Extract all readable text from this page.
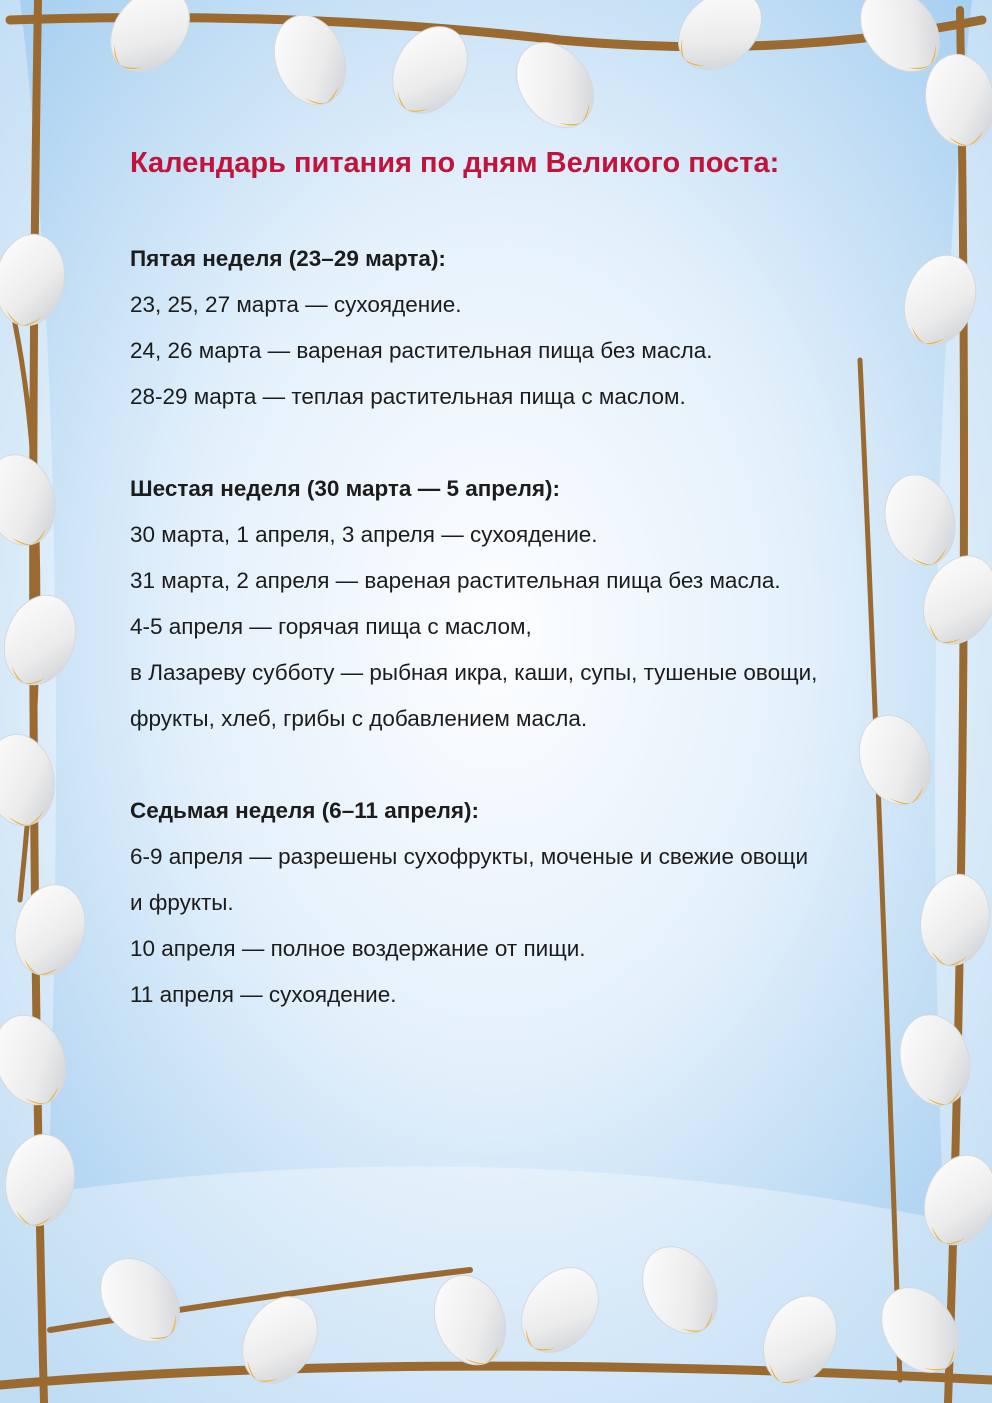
Календарь питания по дням Великого поста:
Пятая неделя (23–29 марта):
23, 25, 27 марта — сухоядение.
24, 26 марта — вареная растительная пища без масла.
28-29 марта — теплая растительная пища с маслом.
Шестая неделя (30 марта — 5 апреля):
30 марта, 1 апреля, 3 апреля — сухоядение.
31 марта, 2 апреля — вареная растительная пища без масла.
4-5 апреля — горячая пища с маслом,
в Лазареву субботу — рыбная икра, каши, супы, тушеные овощи,
фрукты, хлеб, грибы с добавлением масла.
Седьмая неделя (6–11 апреля):
6-9 апреля — разрешены сухофрукты, моченые и свежие овощи
и фрукты.
10 апреля — полное воздержание от пищи.
11 апреля — сухоядение.
